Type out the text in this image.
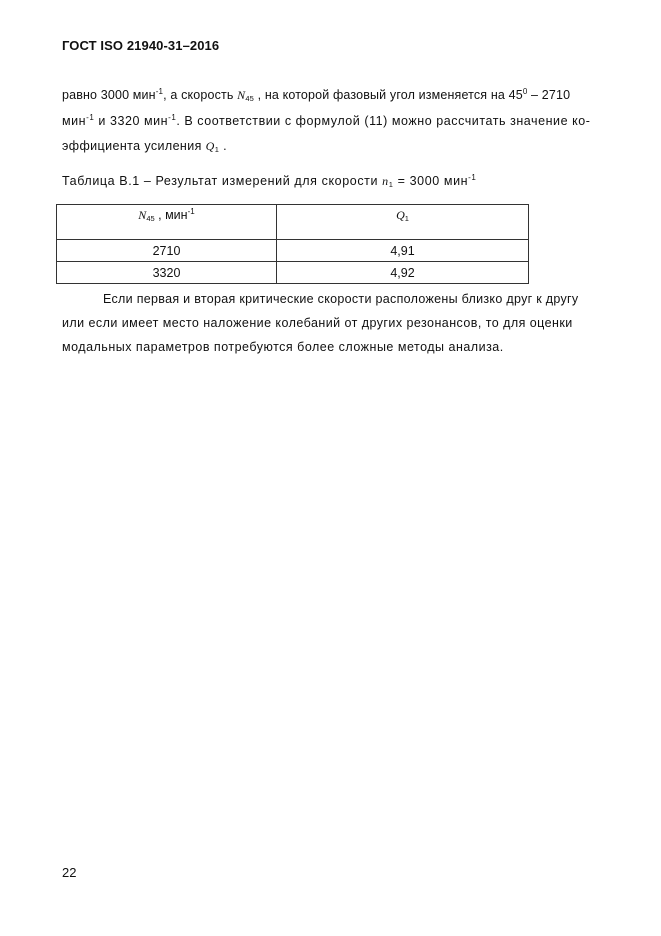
ГОСТ ISO 21940-31–2016
равно 3000 мин$^{-1}$, а скорость $N_{45}$ , на которой фазовый угол изменяется на $45^0 - 2710$
мин$^{-1}$ и 3320 мин$^{-1}$. В соответствии с формулой (11) можно рассчитать значение ко-
эффициента усиления $Q_1$ .
Таблица В.1 – Результат измерений для скорости $n_1 = 3000$ мин$^{-1}$
$N_{45}$ , мин$^{-1}$	$Q_1$
2710	4,91
3320	4,92
Если первая и вторая критические скорости расположены близко друг к другу
или если имеет место наложение колебаний от других резонансов, то для оценки
модальных параметров потребуются более сложные методы анализа.
22
